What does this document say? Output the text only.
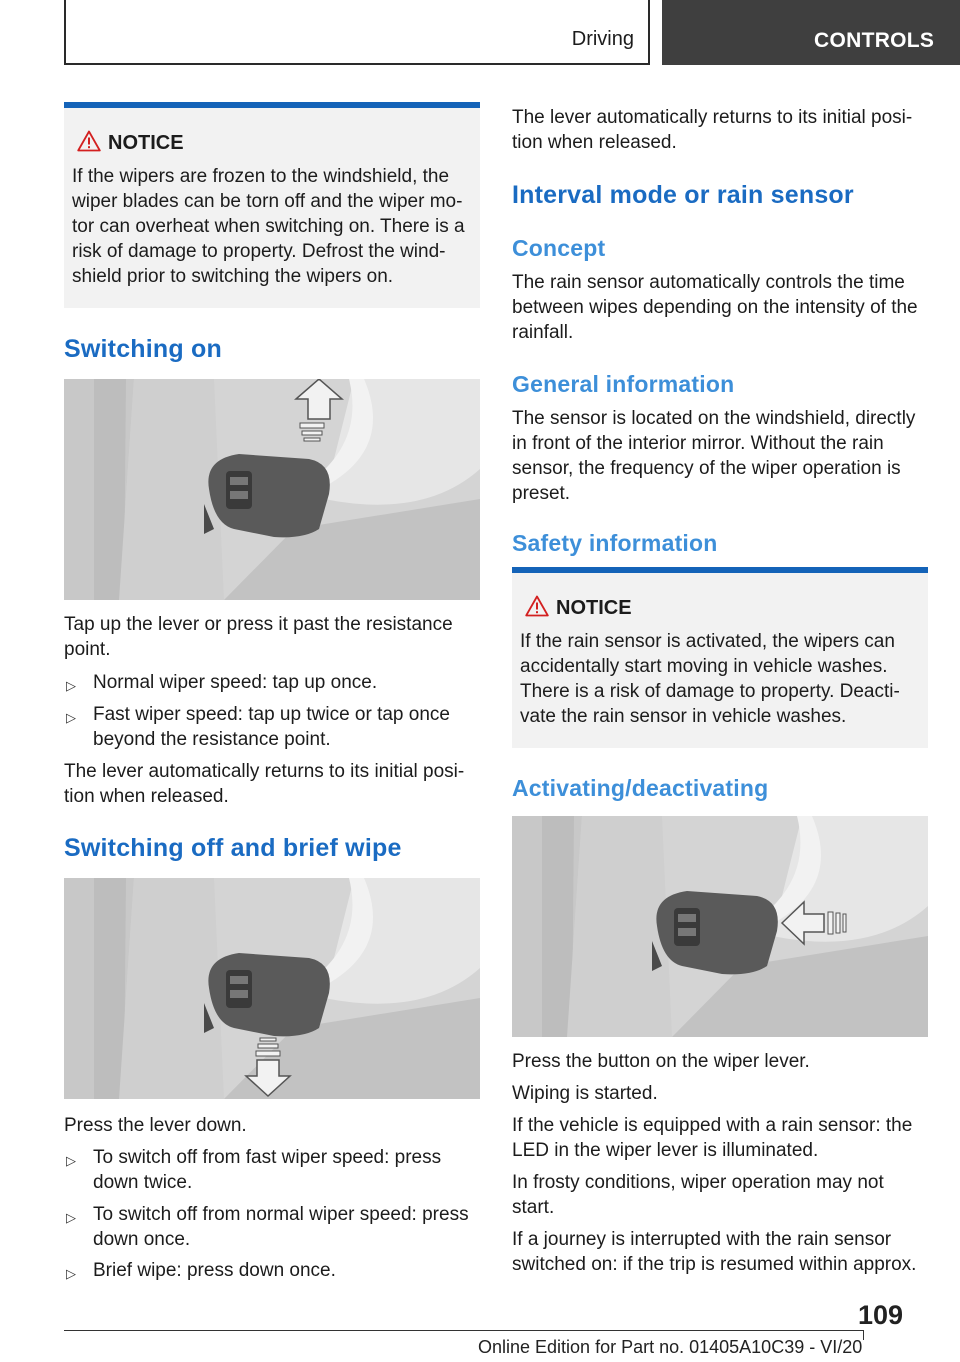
Driving	CONTROLS
NOTICE
If the wipers are frozen to the windshield, the
wiper blades can be torn off and the wiper mo-
tor can overheat when switching on. There is a
risk of damage to property. Defrost the wind-
shield prior to switching the wipers on.
Switching on
Tap up the lever or press it past the resistance
point.
▷ Normal wiper speed: tap up once.
▷ Fast wiper speed: tap up twice or tap once
beyond the resistance point.
The lever automatically returns to its initial posi-
tion when released.
Switching off and brief wipe
Press the lever down.
▷ To switch off from fast wiper speed: press
down twice.
▷ To switch off from normal wiper speed: press
down once.
▷ Brief wipe: press down once.
The lever automatically returns to its initial posi-
tion when released.
Interval mode or rain sensor
Concept
The rain sensor automatically controls the time
between wipes depending on the intensity of the
rainfall.
General information
The sensor is located on the windshield, directly
in front of the interior mirror. Without the rain
sensor, the frequency of the wiper operation is
preset.
Safety information
NOTICE
If the rain sensor is activated, the wipers can
accidentally start moving in vehicle washes.
There is a risk of damage to property. Deacti-
vate the rain sensor in vehicle washes.
Activating/deactivating
Press the button on the wiper lever.
Wiping is started.
If the vehicle is equipped with a rain sensor: the
LED in the wiper lever is illuminated.
In frosty conditions, wiper operation may not
start.
If a journey is interrupted with the rain sensor
switched on: if the trip is resumed within approx.
109
Online Edition for Part no. 01405A10C39 - VI/20
